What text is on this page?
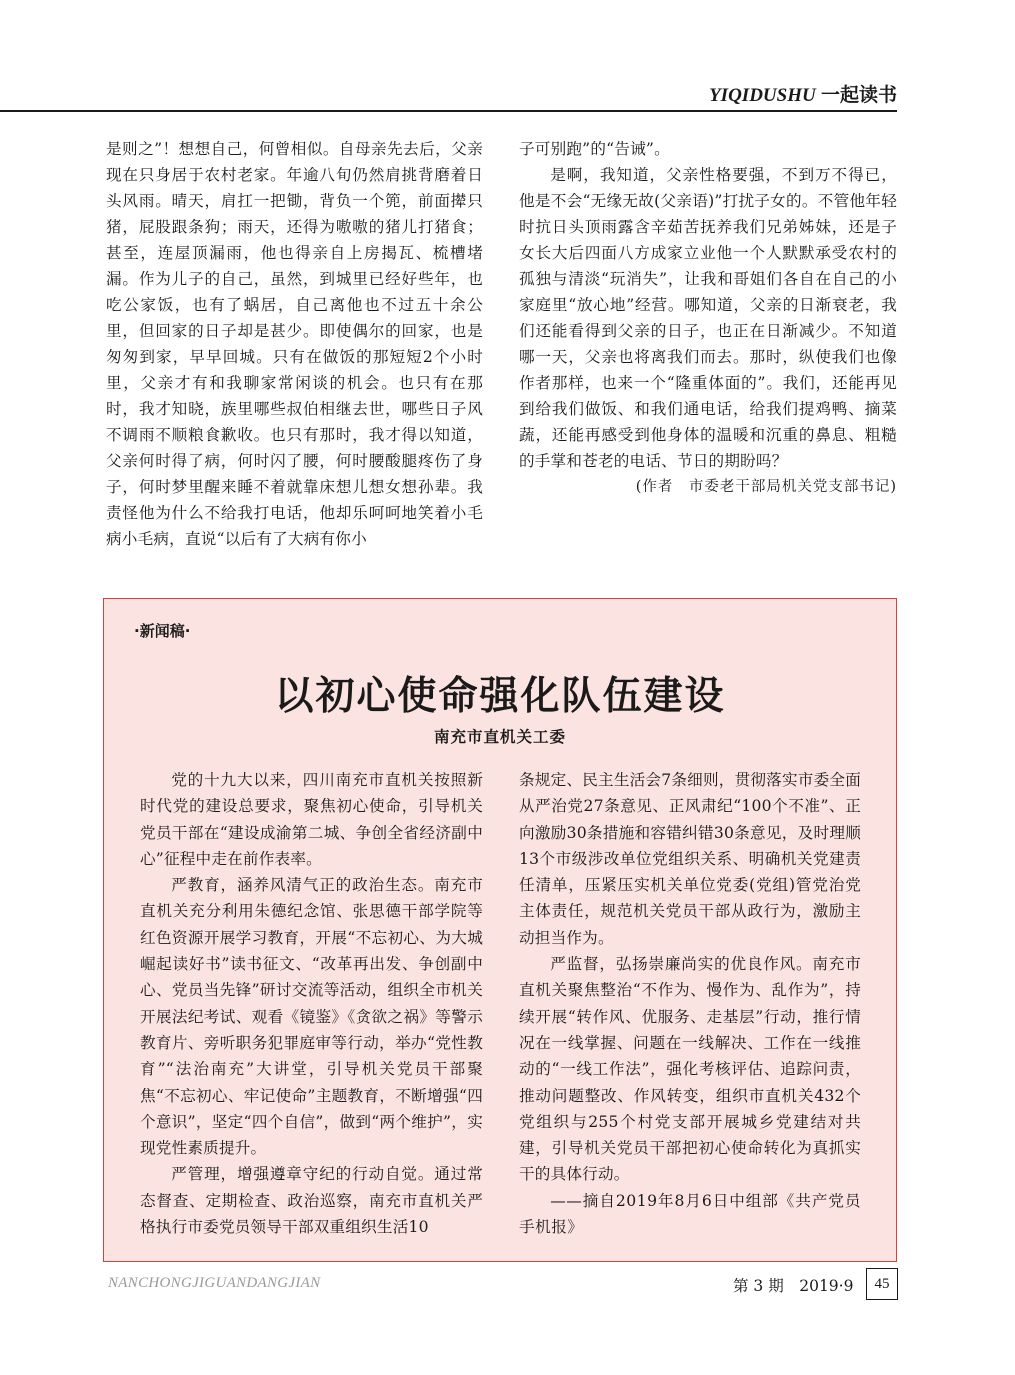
YIQIDUSHU 一起读书

是则之”！想想自己，何曾相似。自母亲先去后，父亲现在只身居于农村老家。年逾八旬仍然肩挑背磨着日头风雨。晴天，肩扛一把锄，背负一个篼，前面撵只猪，屁股跟条狗；雨天，还得为嗷嗷的猪儿打猪食；甚至，连屋顶漏雨，他也得亲自上房揭瓦、梳槽堵漏。作为儿子的自己，虽然，到城里已经好些年，也吃公家饭，也有了蜗居，自己离他也不过五十余公里，但回家的日子却是甚少。即使偶尔的回家，也是匆匆到家，早早回城。只有在做饭的那短短2个小时里，父亲才有和我聊家常闲谈的机会。也只有在那时，我才知晓，族里哪些叔伯相继去世，哪些日子风不调雨不顺粮食歉收。也只有那时，我才得以知道，父亲何时得了病，何时闪了腰，何时腰酸腿疼伤了身子，何时梦里醒来睡不着就靠床想儿想女想孙辈。我责怪他为什么不给我打电话，他却乐呵呵地笑着小毛病小毛病，直说“以后有了大病有你小

子可别跑”的“告诫”。

是啊，我知道，父亲性格要强，不到万不得已，他是不会“无缘无故(父亲语)”打扰子女的。不管他年轻时抗日头顶雨露含辛茹苦抚养我们兄弟姊妹，还是子女长大后四面八方成家立业他一个人默默承受农村的孤独与清淡“玩消失”，让我和哥姐们各自在自己的小家庭里“放心地”经营。哪知道，父亲的日渐衰老，我们还能看得到父亲的日子，也正在日渐减少。不知道哪一天，父亲也将离我们而去。那时，纵使我们也像作者那样，也来一个“隆重体面的”。我们，还能再见到给我们做饭、和我们通电话，给我们提鸡鸭、摘菜蔬，还能再感受到他身体的温暖和沉重的鼻息、粗糙的手掌和苍老的电话、节日的期盼吗？

(作者　市委老干部局机关党支部书记)

·新闻稿·
以初心使命强化队伍建设
南充市直机关工委

党的十九大以来，四川南充市直机关按照新时代党的建设总要求，聚焦初心使命，引导机关党员干部在“建设成渝第二城、争创全省经济副中心”征程中走在前作表率。

严教育，涵养风清气正的政治生态。南充市直机关充分利用朱德纪念馆、张思德干部学院等红色资源开展学习教育，开展“不忘初心、为大城崛起读好书”读书征文、“改革再出发、争创副中心、党员当先锋”研讨交流等活动，组织全市机关开展法纪考试、观看《镜鉴》《贪欲之祸》等警示教育片、旁听职务犯罪庭审等行动，举办“党性教育”“法治南充”大讲堂，引导机关党员干部聚焦“不忘初心、牢记使命”主题教育，不断增强“四个意识”，坚定“四个自信”，做到“两个维护”，实现党性素质提升。

严管理，增强遵章守纪的行动自觉。通过常态督查、定期检查、政治巡察，南充市直机关严格执行市委党员领导干部双重组织生活10

条规定、民主生活会7条细则，贯彻落实市委全面从严治党27条意见、正风肃纪“100个不准”、正向激励30条措施和容错纠错30条意见，及时理顺13个市级涉改单位党组织关系、明确机关党建责任清单，压紧压实机关单位党委(党组)管党治党主体责任，规范机关党员干部从政行为，激励主动担当作为。

严监督，弘扬崇廉尚实的优良作风。南充市直机关聚焦整治“不作为、慢作为、乱作为”，持续开展“转作风、优服务、走基层”行动，推行情况在一线掌握、问题在一线解决、工作在一线推动的“一线工作法”，强化考核评估、追踪问责，推动问题整改、作风转变，组织市直机关432个党组织与255个村党支部开展城乡党建结对共建，引导机关党员干部把初心使命转化为真抓实干的具体行动。

——摘自2019年8月6日中组部《共产党员手机报》

NANCHONGJIGUANDANGJIAN	第 3 期　2019·9	45
